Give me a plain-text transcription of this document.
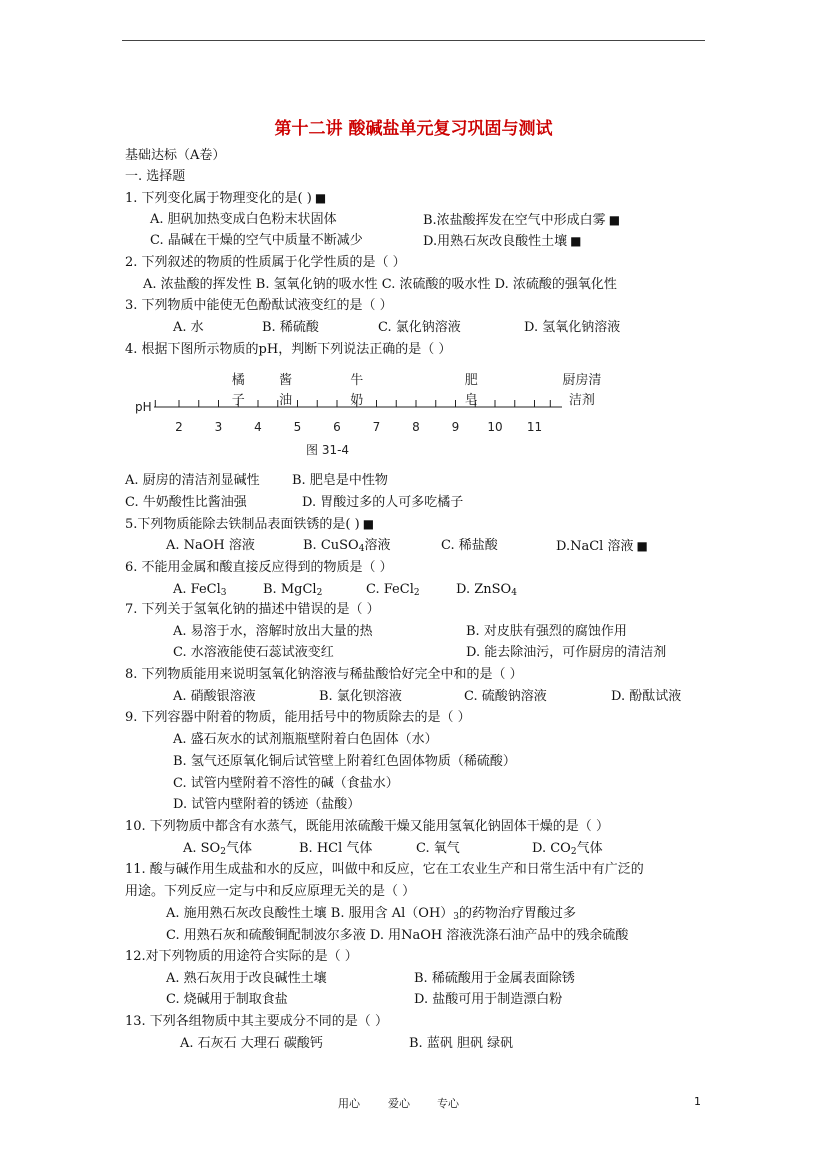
第十二讲 酸碱盐单元复习巩固与测试
基础达标（A卷）
一. 选择题
1. 下列变化属于物理变化的是( ) ■
A. 胆矾加热变成白色粉末状固体	B.浓盐酸挥发在空气中形成白雾 ■
C. 晶碱在干燥的空气中质量不断减少	D.用熟石灰改良酸性土壤 ■
2. 下列叙述的物质的性质属于化学性质的是（ ）
A. 浓盐酸的挥发性 B. 氢氧化钠的吸水性 C. 浓硫酸的吸水性 D. 浓硫酸的强氧化性
3. 下列物质中能使无色酚酞试液变红的是（ ）
A. 水	B. 稀硫酸	C. 氯化钠溶液	D. 氢氧化钠溶液
4. 根据下图所示物质的pH，判断下列说法正确的是（ ）
pH
2	3	4	5	6	7	8	9 10 11
橘
子
酱
油
牛
奶
肥
皂
厨房清
洁剂
图 31-4
A. 厨房的清洁剂显碱性 B. 肥皂是中性物
C. 牛奶酸性比酱油强	D. 胃酸过多的人可多吃橘子
5.下列物质能除去铁制品表面铁锈的是( ) ■
A. NaOH 溶液	B. CuSO$_4$溶液	C. 稀盐酸	D.NaCl 溶液 ■
6. 不能用金属和酸直接反应得到的物质是（ ）
A. FeCl$_3$	B. MgCl$_2$	C. FeCl$_2$	D. ZnSO$_4$
7. 下列关于氢氧化钠的描述中错误的是（ ）
A. 易溶于水，溶解时放出大量的热	B. 对皮肤有强烈的腐蚀作用
C. 水溶液能使石蕊试液变红	D. 能去除油污，可作厨房的清洁剂
8. 下列物质能用来说明氢氧化钠溶液与稀盐酸恰好完全中和的是（ ）
A. 硝酸银溶液	B. 氯化钡溶液	C. 硫酸钠溶液	D. 酚酞试液
9. 下列容器中附着的物质，能用括号中的物质除去的是（ ）
A. 盛石灰水的试剂瓶瓶壁附着白色固体（水）
B. 氢气还原氧化铜后试管壁上附着红色固体物质（稀硫酸）
C. 试管内壁附着不溶性的碱（食盐水）
D. 试管内壁附着的锈迹（盐酸）
10. 下列物质中都含有水蒸气，既能用浓硫酸干燥又能用氢氧化钠固体干燥的是（ ）
A. $SO_2$气体	B. HCl 气体	C. 氧气	D. $CO_2$气体
11. 酸与碱作用生成盐和水的反应，叫做中和反应，它在工农业生产和日常生活中有广泛的
用途。下列反应一定与中和反应原理无关的是（ ）
A. 施用熟石灰改良酸性土壤 B. 服用含 $Al(OH)_3$的药物治疗胃酸过多
C. 用熟石灰和硫酸铜配制波尔多液 D. 用NaOH 溶液洗涤石油产品中的残余硫酸
12.对下列物质的用途符合实际的是（ ）
A. 熟石灰用于改良碱性土壤	B. 稀硫酸用于金属表面除锈
C. 烧碱用于制取食盐	D. 盐酸可用于制造漂白粉
13. 下列各组物质中其主要成分不同的是（ ）
A. 石灰石 大理石 碳酸钙	B. 蓝矾 胆矾 绿矾
用心	爱心 专心	1
